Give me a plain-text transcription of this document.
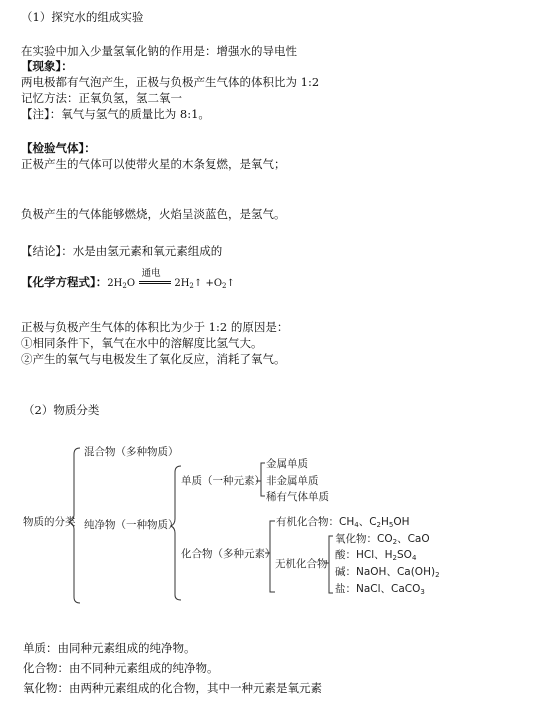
（1）探究水的组成实验
在实验中加入少量氢氧化钠的作用是：增强水的导电性
【现象】：
两电极都有气泡产生，正极与负极产生气体的体积比为 1:2
记忆方法：正氧负氢，氢二氧一
【注】：氧气与氢气的质量比为 8:1。
【检验气体】：
正极产生的气体可以使带火星的木条复燃，是氧气；
负极产生的气体能够燃烧，火焰呈淡蓝色，是氢气。
【结论】：水是由氢元素和氧元素组成的
【化学方程式】：$2H_2O$
通电
$2H_2↑$ $+O_2↑$
正极与负极产生气体的体积比为少于 1:2 的原因是：
①相同条件下，氧气在水中的溶解度比氢气大。
②产生的氧气与电极发生了氧化反应，消耗了氧气。
（2）物质分类
物质的分类
混合物（多种物质）
纯净物（一种物质）
单质（一种元素）
金属单质
非金属单质
稀有气体单质
化合物（多种元素）
有机化合物：$CH_4$、$C_2H_5OH$
无机化合物
氧化物：$CO_2$、CaO
酸：HCl、$H_2SO_4$
碱：NaOH、$Ca(OH)_2$
盐：NaCl、CaCO$_3$
单质：由同种元素组成的纯净物。
化合物：由不同种元素组成的纯净物。
氧化物：由两种元素组成的化合物，其中一种元素是氧元素
